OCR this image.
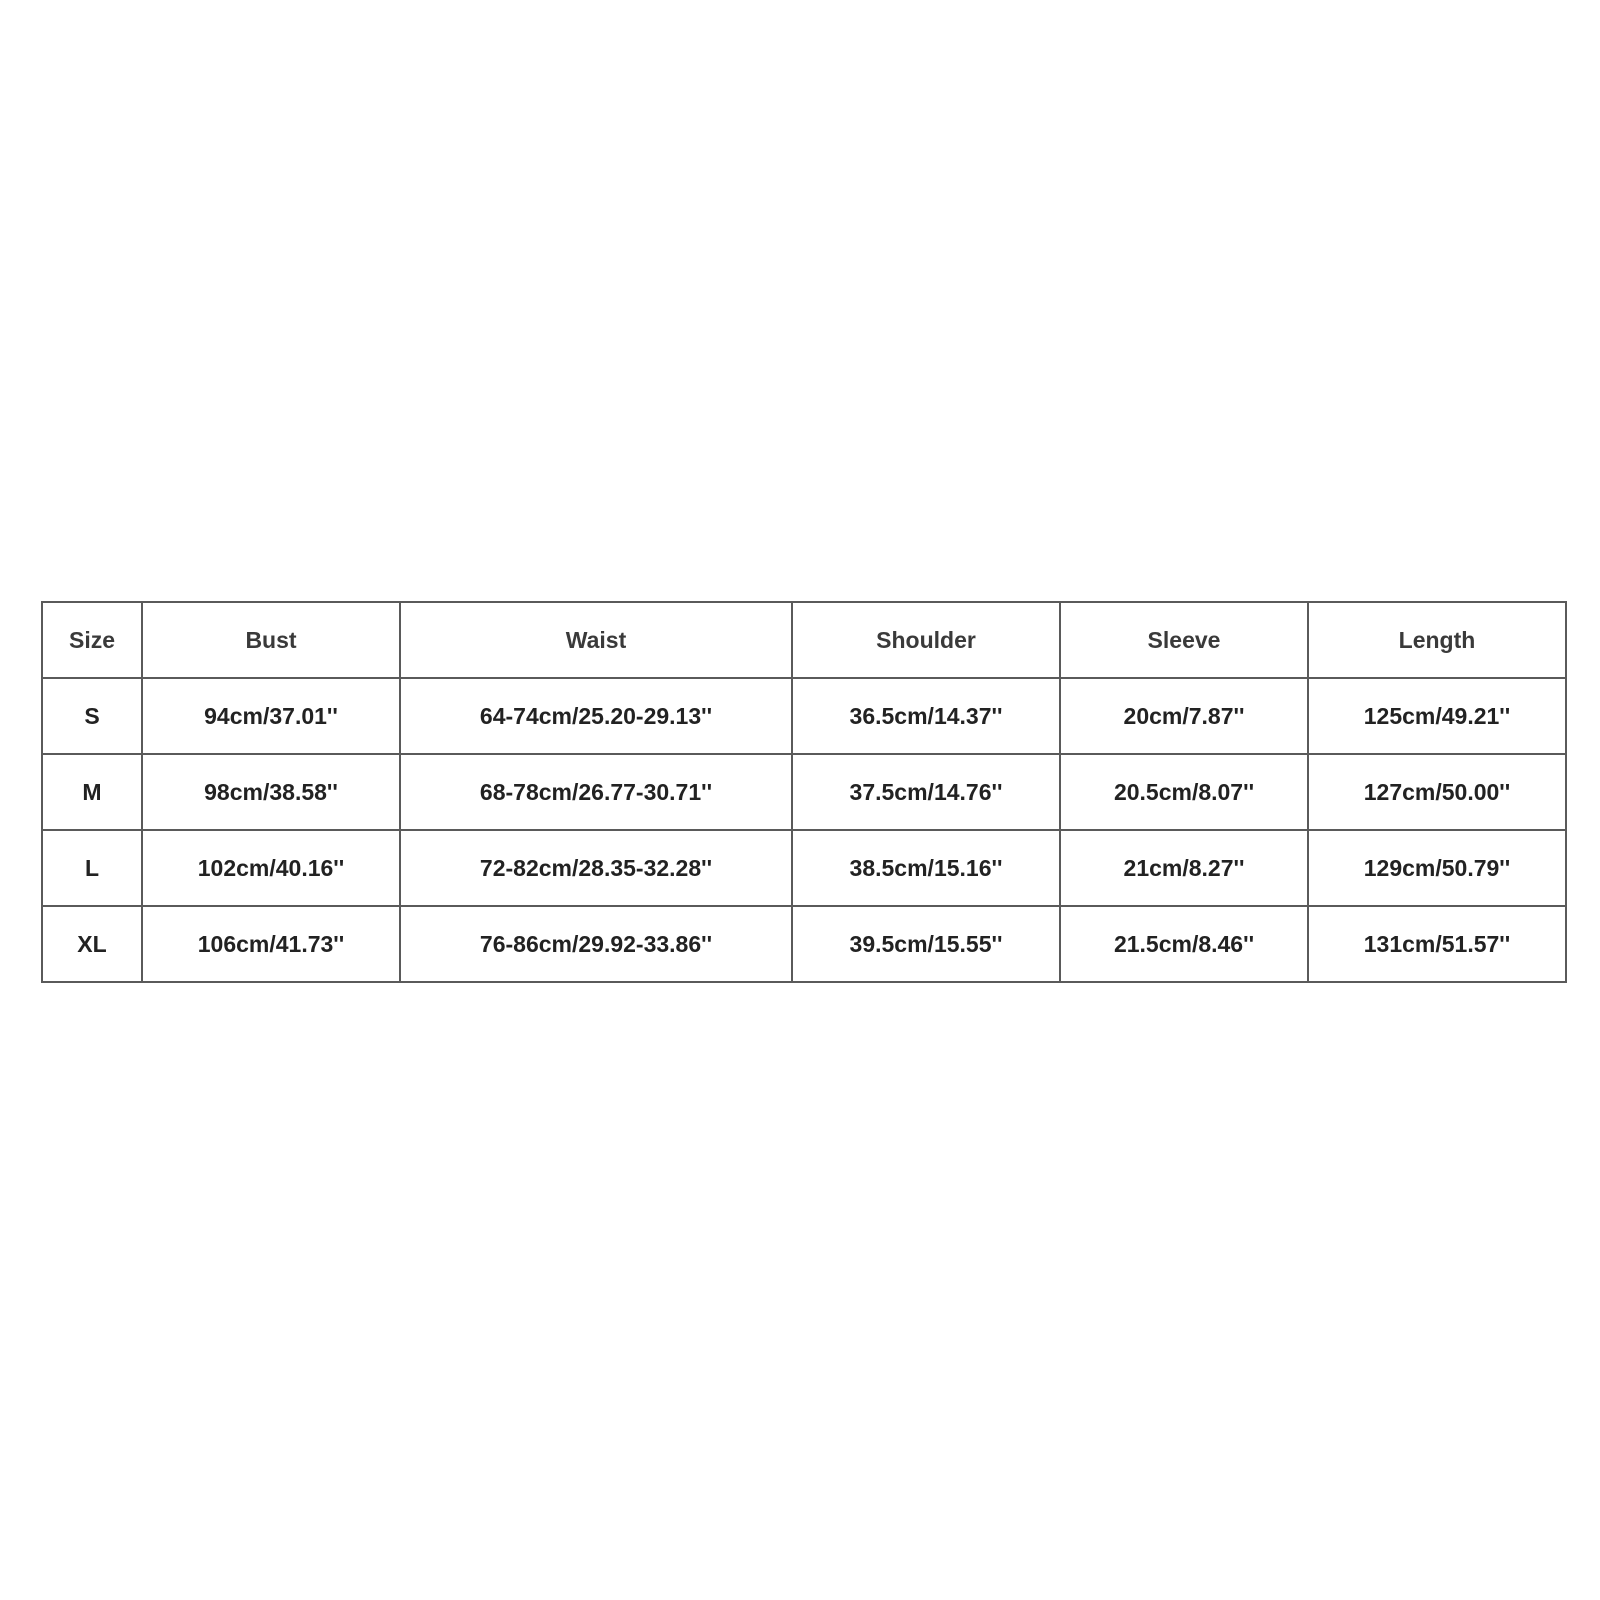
Size	Bust	Waist	Shoulder	Sleeve	Length
S	94cm/37.01''	64-74cm/25.20-29.13''	36.5cm/14.37''	20cm/7.87''	125cm/49.21''
M	98cm/38.58''	68-78cm/26.77-30.71''	37.5cm/14.76''	20.5cm/8.07''	127cm/50.00''
L	102cm/40.16''	72-82cm/28.35-32.28''	38.5cm/15.16''	21cm/8.27''	129cm/50.79''
XL	106cm/41.73''	76-86cm/29.92-33.86''	39.5cm/15.55''	21.5cm/8.46''	131cm/51.57''
